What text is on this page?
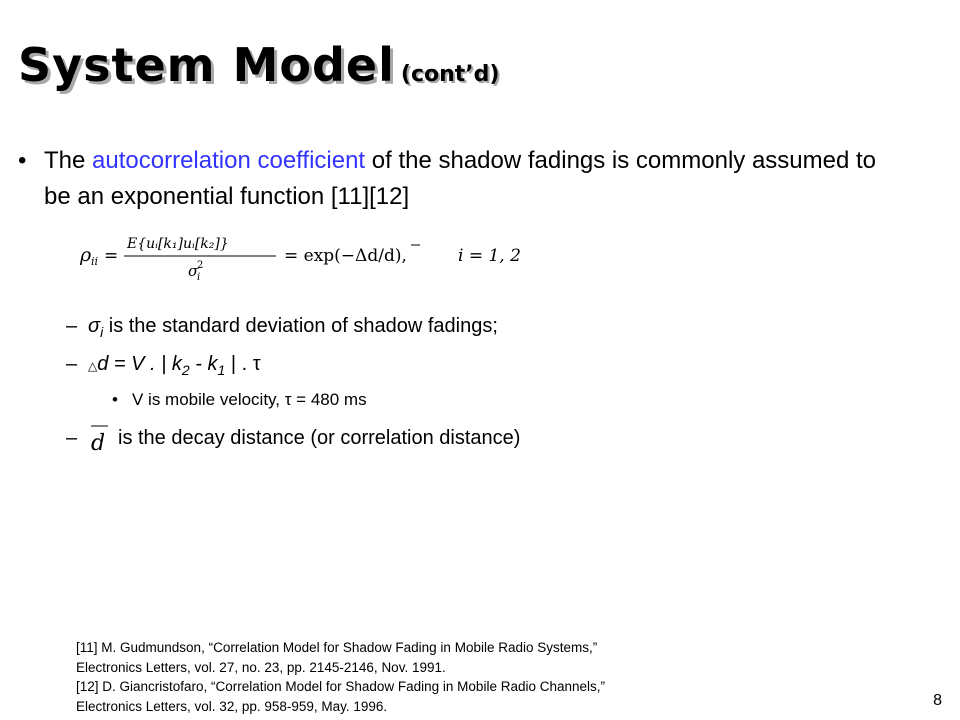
System Model (cont’d)
• The autocorrelation coefficient of the shadow fadings is commonly assumed to be an exponential function [11][12]
ρ ii =
E{uᵢ[k₁]uᵢ[k₂]}
σ
i
2	= exp(−Δd/d),	i = 1, 2
– $\sigma_i$ is the standard deviation of shadow fadings;
– △d = V . | $k_2 - k_1$ | . τ
• V is mobile velocity, τ = 480 ms
– is the decay distance (or correlation distance)
d
[11] M. Gudmundson, “Correlation Model for Shadow Fading in Mobile Radio Systems,”
Electronics Letters, vol. 27, no. 23, pp. 2145-2146, Nov. 1991.
[12] D. Giancristofaro, “Correlation Model for Shadow Fading in Mobile Radio Channels,”
Electronics Letters, vol. 32, pp. 958-959, May. 1996.	8
